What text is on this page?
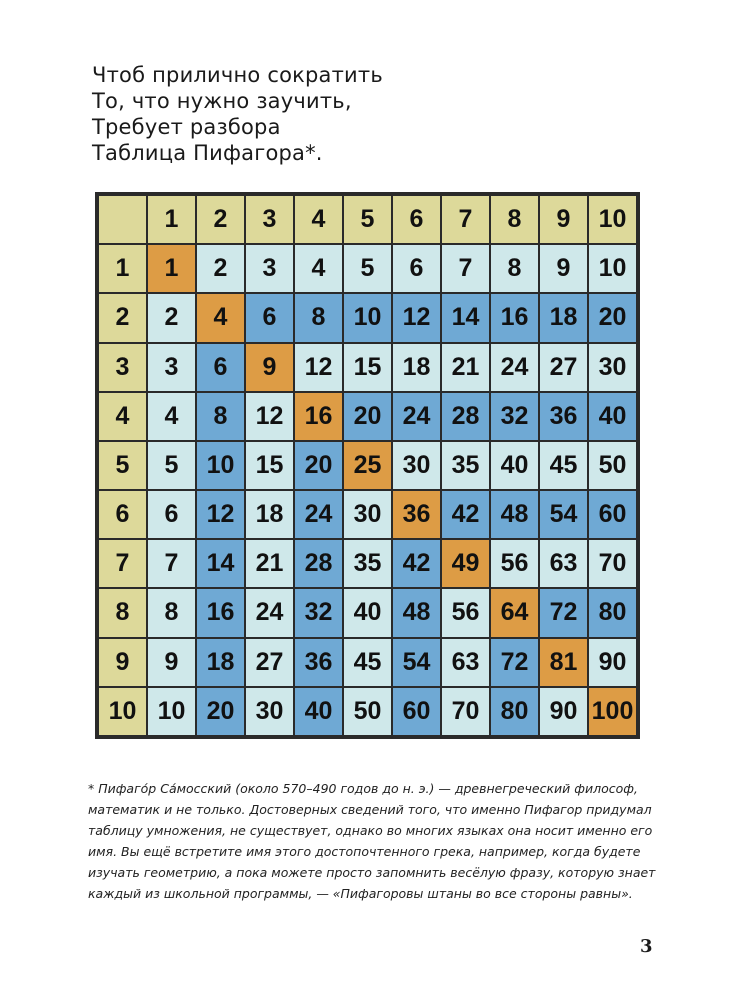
Чтоб прилично сократить
То, что нужно заучить,
Требует разбора
Таблица Пифагора*.
	1	2	3	4	5	6	7	8	9	10
1	1	2	3	4	5	6	7	8	9	10
2	2	4	6	8	10	12	14	16	18	20
3	3	6	9	12	15	18	21	24	27	30
4	4	8	12	16	20	24	28	32	36	40
5	5	10	15	20	25	30	35	40	45	50
6	6	12	18	24	30	36	42	48	54	60
7	7	14	21	28	35	42	49	56	63	70
8	8	16	24	32	40	48	56	64	72	80
9	9	18	27	36	45	54	63	72	81	90
10	10	20	30	40	50	60	70	80	90	100
* Пифаго́р Са́мосский (около 570–490 годов до н. э.) — древнегреческий философ, математик и не только. Достоверных сведений того, что именно Пифагор придумал таблицу умножения, не существует, однако во многих языках она носит именно его имя. Вы ещё встретите имя этого достопочтенного грека, например, когда будете изучать геометрию, а пока можете просто запомнить весёлую фразу, которую знает каждый из школьной программы, — «Пифагоровы штаны во все стороны равны».
3
